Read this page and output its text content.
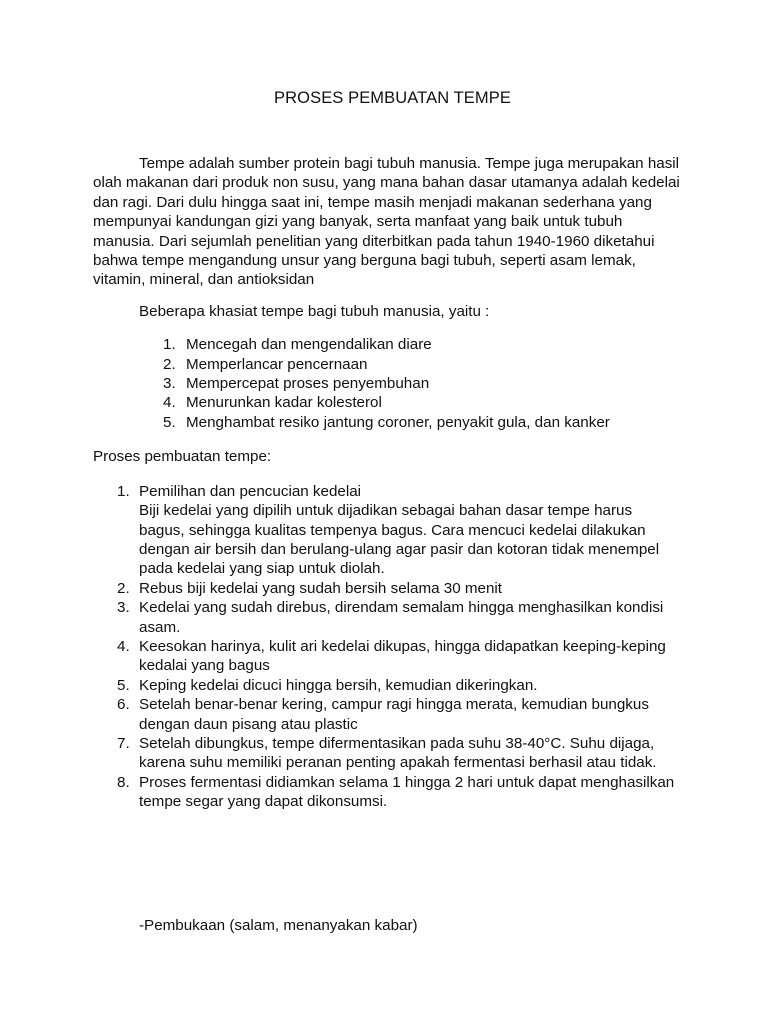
PROSES PEMBUATAN TEMPE

Tempe adalah sumber protein bagi tubuh manusia. Tempe juga merupakan hasil olah makanan dari produk non susu, yang mana bahan dasar utamanya adalah kedelai dan ragi. Dari dulu hingga saat ini, tempe masih menjadi makanan sederhana yang mempunyai kandungan gizi yang banyak, serta manfaat yang baik untuk tubuh manusia. Dari sejumlah penelitian yang diterbitkan pada tahun 1940-1960 diketahui bahwa tempe mengandung unsur yang berguna bagi tubuh, seperti asam lemak, vitamin, mineral, dan antioksidan

Beberapa khasiat tempe bagi tubuh manusia, yaitu :

1. Mencegah dan mengendalikan diare
2. Memperlancar pencernaan
3. Mempercepat proses penyembuhan
4. Menurunkan kadar kolesterol
5. Menghambat resiko jantung coroner, penyakit gula, dan kanker

Proses pembuatan tempe:

1. Pemilihan dan pencucian kedelai
Biji kedelai yang dipilih untuk dijadikan sebagai bahan dasar tempe harus bagus, sehingga kualitas tempenya bagus. Cara mencuci kedelai dilakukan dengan air bersih dan berulang-ulang agar pasir dan kotoran tidak menempel pada kedelai yang siap untuk diolah.
2. Rebus biji kedelai yang sudah bersih selama 30 menit
3. Kedelai yang sudah direbus, direndam semalam hingga menghasilkan kondisi asam.
4. Keesokan harinya, kulit ari kedelai dikupas, hingga didapatkan keeping-keping kedalai yang bagus
5. Keping kedelai dicuci hingga bersih, kemudian dikeringkan.
6. Setelah benar-benar kering, campur ragi hingga merata, kemudian bungkus dengan daun pisang atau plastic
7. Setelah dibungkus, tempe difermentasikan pada suhu 38-40°C. Suhu dijaga, karena suhu memiliki peranan penting apakah fermentasi berhasil atau tidak.
8. Proses fermentasi didiamkan selama 1 hingga 2 hari untuk dapat menghasilkan tempe segar yang dapat dikonsumsi.

-Pembukaan (salam, menanyakan kabar)
